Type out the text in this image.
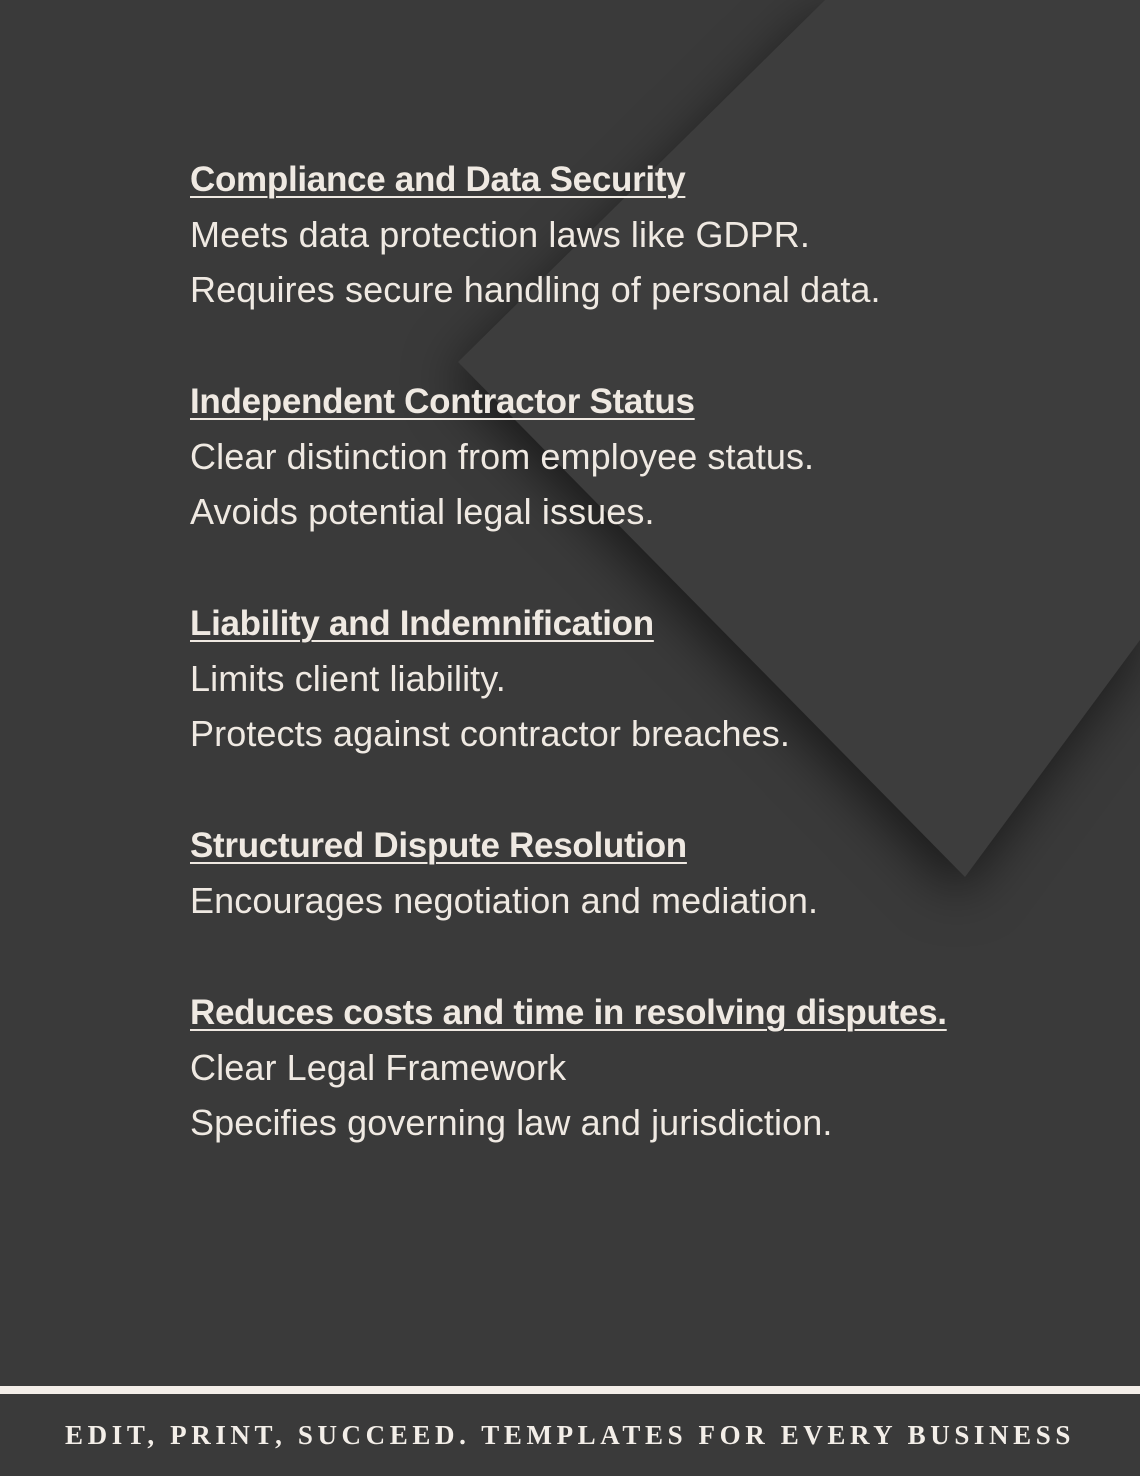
Compliance and Data Security
Meets data protection laws like GDPR.
Requires secure handling of personal data.
Independent Contractor Status
Clear distinction from employee status.
Avoids potential legal issues.
Liability and Indemnification
Limits client liability.
Protects against contractor breaches.
Structured Dispute Resolution
Encourages negotiation and mediation.
Reduces costs and time in resolving disputes.
Clear Legal Framework
Specifies governing law and jurisdiction.
EDIT, PRINT, SUCCEED. TEMPLATES FOR EVERY BUSINESS
